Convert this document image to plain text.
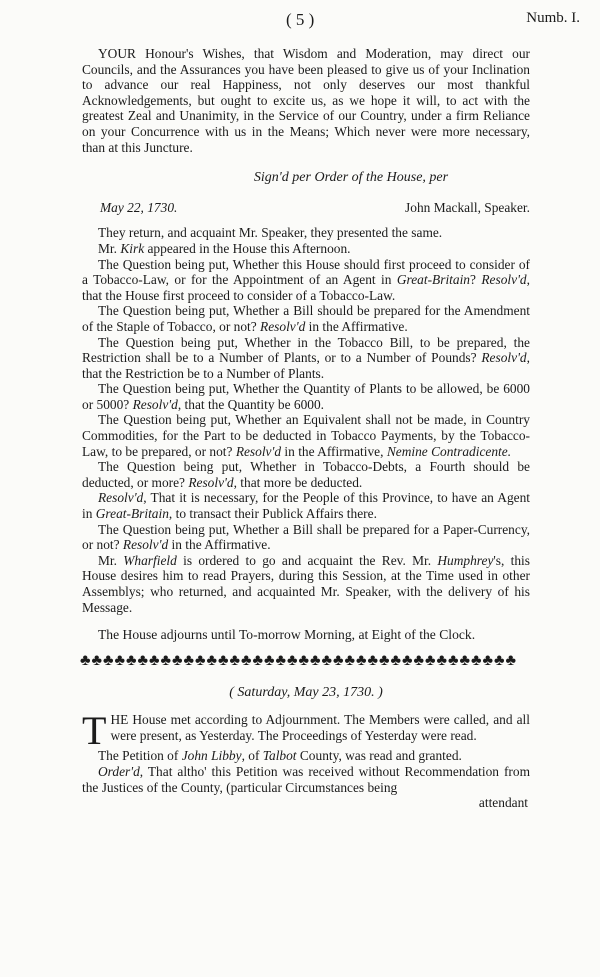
( 5 )	Numb. I.

YOUR Honour's Wishes, that Wisdom and Moderation, may direct our Councils, and the Assurances you have been pleased to give us of your Inclination to advance our real Happiness, not only deserves our most thankful Acknowledgements, but ought to excite us, as we hope it will, to act with the greatest Zeal and Unanimity, in the Service of our Country, under a firm Reliance on your Concurrence with us in the Means; Which never were more necessary, than at this Juncture.

Sign'd per Order of the House, per

May 22, 1730.	John Mackall, Speaker.

They return, and acquaint Mr. Speaker, they presented the same.

Mr. Kirk appeared in the House this Afternoon.

The Question being put, Whether this House should first proceed to consider of a Tobacco-Law, or for the Appointment of an Agent in Great-Britain? Resolv'd, that the House first proceed to consider of a Tobacco-Law.

The Question being put, Whether a Bill should be prepared for the Amendment of the Staple of Tobacco, or not? Resolv'd in the Affirmative.

The Question being put, Whether in the Tobacco Bill, to be prepared, the Restriction shall be to a Number of Plants, or to a Number of Pounds? Resolv'd, that the Restriction be to a Number of Plants.

The Question being put, Whether the Quantity of Plants to be allowed, be 6000 or 5000? Resolv'd, that the Quantity be 6000.

The Question being put, Whether an Equivalent shall not be made, in Country Commodities, for the Part to be deducted in Tobacco Payments, by the Tobacco-Law, to be prepared, or not? Resolv'd in the Affirmative, Nemine Contradicente.

The Question being put, Whether in Tobacco-Debts, a Fourth should be deducted, or more? Resolv'd, that more be deducted.

Resolv'd, That it is necessary, for the People of this Province, to have an Agent in Great-Britain, to transact their Publick Affairs there.

The Question being put, Whether a Bill shall be prepared for a Paper-Currency, or not? Resolv'd in the Affirmative.

Mr. Wharfield is ordered to go and acquaint the Rev. Mr. Humphrey's, this House desires him to read Prayers, during this Session, at the Time used in other Assemblys; who returned, and acquainted Mr. Speaker, with the delivery of his Message.

The House adjourns until To-morrow Morning, at Eight of the Clock.

♣♣♣♣♣♣♣♣♣♣♣♣♣♣♣♣♣♣♣♣♣♣♣♣♣♣♣♣♣♣♣♣♣♣♣♣♣♣

( Saturday, May 23, 1730. )

THE House met according to Adjournment. The Members were called, and all were present, as Yesterday. The Proceedings of Yesterday were read.

The Petition of John Libby, of Talbot County, was read and granted.

Order'd, That altho' this Petition was received without Recommendation from the Justices of the County, (particular Circumstances being

attendant
